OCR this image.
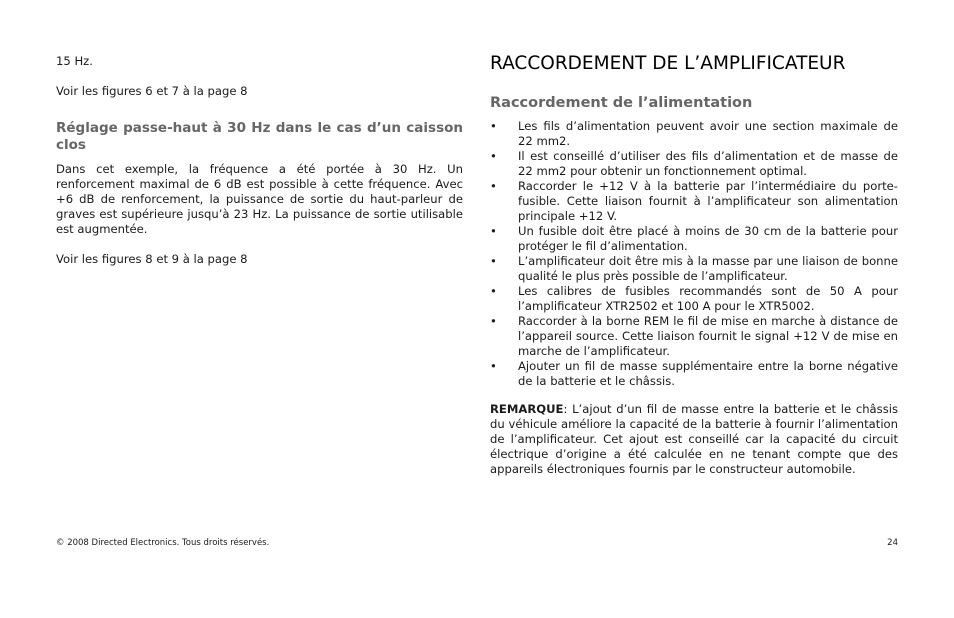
15 Hz.

Voir les figures 6 et 7 à la page 8

Réglage passe-haut à 30 Hz dans le cas d’un caisson clos

Dans cet exemple, la fréquence a été portée à 30 Hz. Un renforcement maximal de 6 dB est possible à cette fréquence. Avec +6 dB de renforcement, la puissance de sortie du haut-parleur de graves est supérieure jusqu’à 23 Hz. La puissance de sortie utilisable est augmentée.

Voir les figures 8 et 9 à la page 8

RACCORDEMENT DE L’AMPLIFICATEUR
Raccordement de l’alimentation
• Les fils d’alimentation peuvent avoir une section maximale de 22 mm2.
• Il est conseillé d’utiliser des fils d’alimentation et de masse de 22 mm2 pour obtenir un fonctionnement optimal.
• Raccorder le +12 V à la batterie par l’intermédiaire du porte-fusible. Cette liaison fournit à l’amplificateur son alimentation principale +12 V.
• Un fusible doit être placé à moins de 30 cm de la batterie pour protéger le fil d’alimentation.
• L’amplificateur doit être mis à la masse par une liaison de bonne qualité le plus près possible de l’amplificateur.
• Les calibres de fusibles recommandés sont de 50 A pour l’amplificateur XTR2502 et 100 A pour le XTR5002.
• Raccorder à la borne REM le fil de mise en marche à distance de l’appareil source. Cette liaison fournit le signal +12 V de mise en marche de l’amplificateur.
• Ajouter un fil de masse supplémentaire entre la borne négative de la batterie et le châssis.

REMARQUE: L’ajout d’un fil de masse entre la batterie et le châssis du véhicule améliore la capacité de la batterie à fournir l’alimentation de l’amplificateur. Cet ajout est conseillé car la capacité du circuit électrique d’origine a été calculée en ne tenant compte que des appareils électroniques fournis par le constructeur automobile.

© 2008 Directed Electronics. Tous droits réservés.	24
